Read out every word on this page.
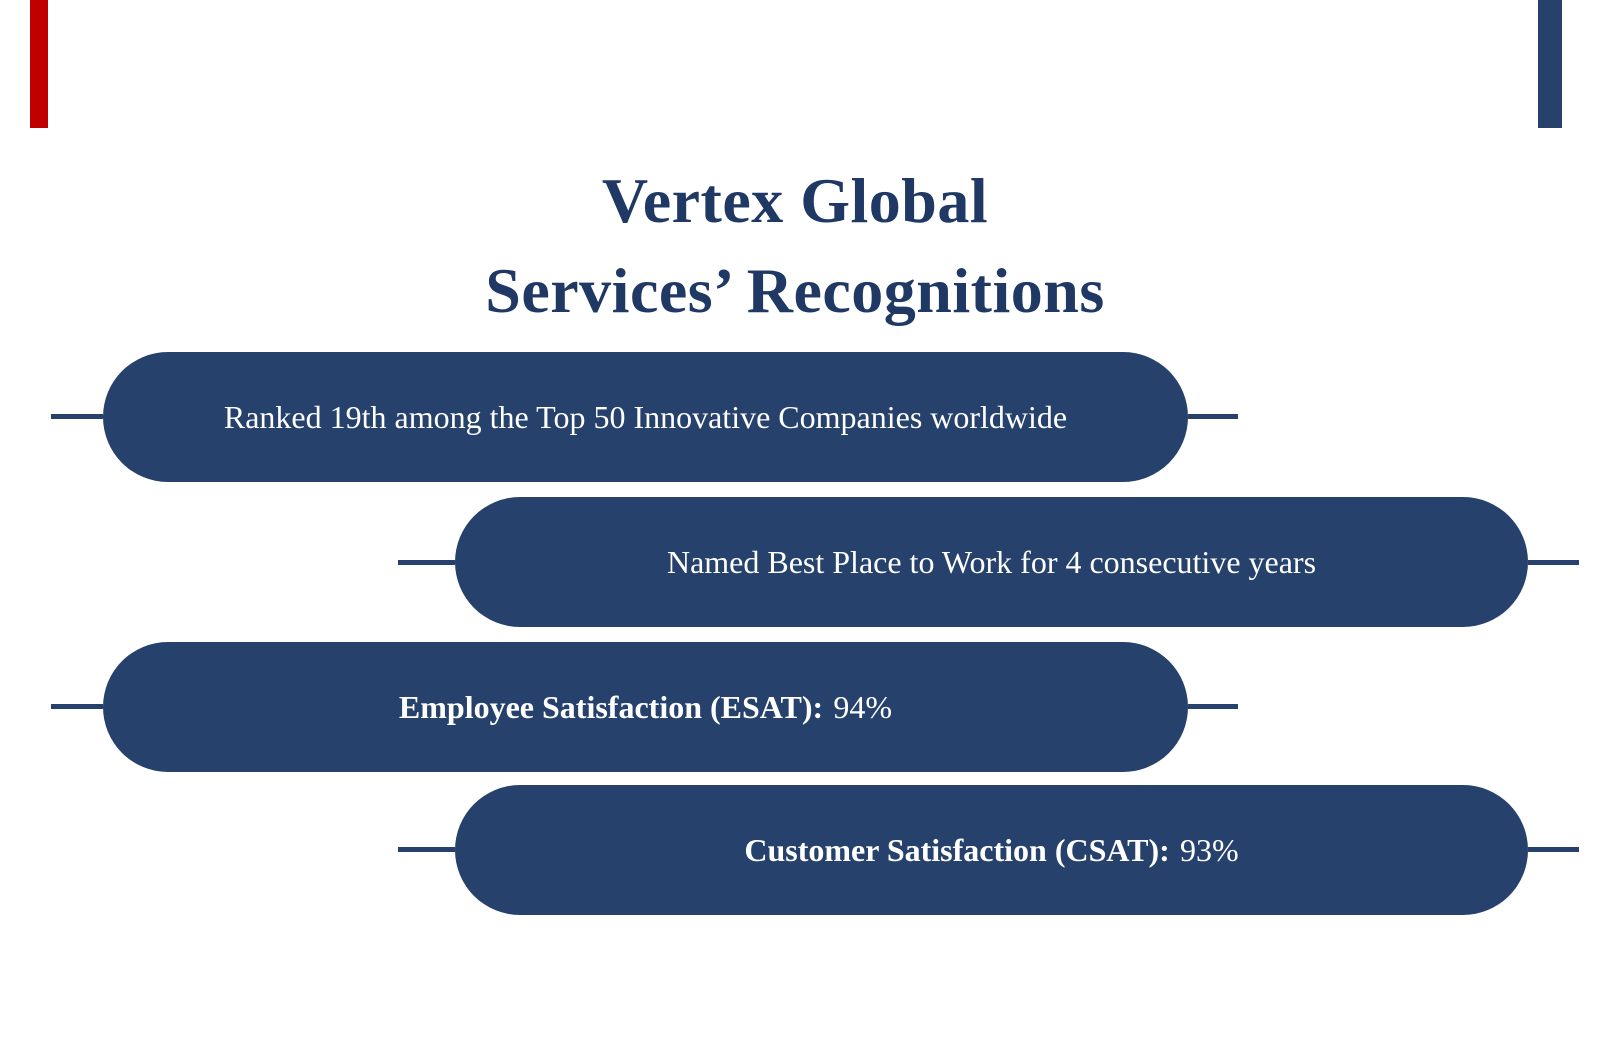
Vertex Global
Services’ Recognitions
Ranked 19th among the Top 50 Innovative Companies worldwide
Named Best Place to Work for 4 consecutive years
Employee Satisfaction (ESAT): 94%
Customer Satisfaction (CSAT): 93%
